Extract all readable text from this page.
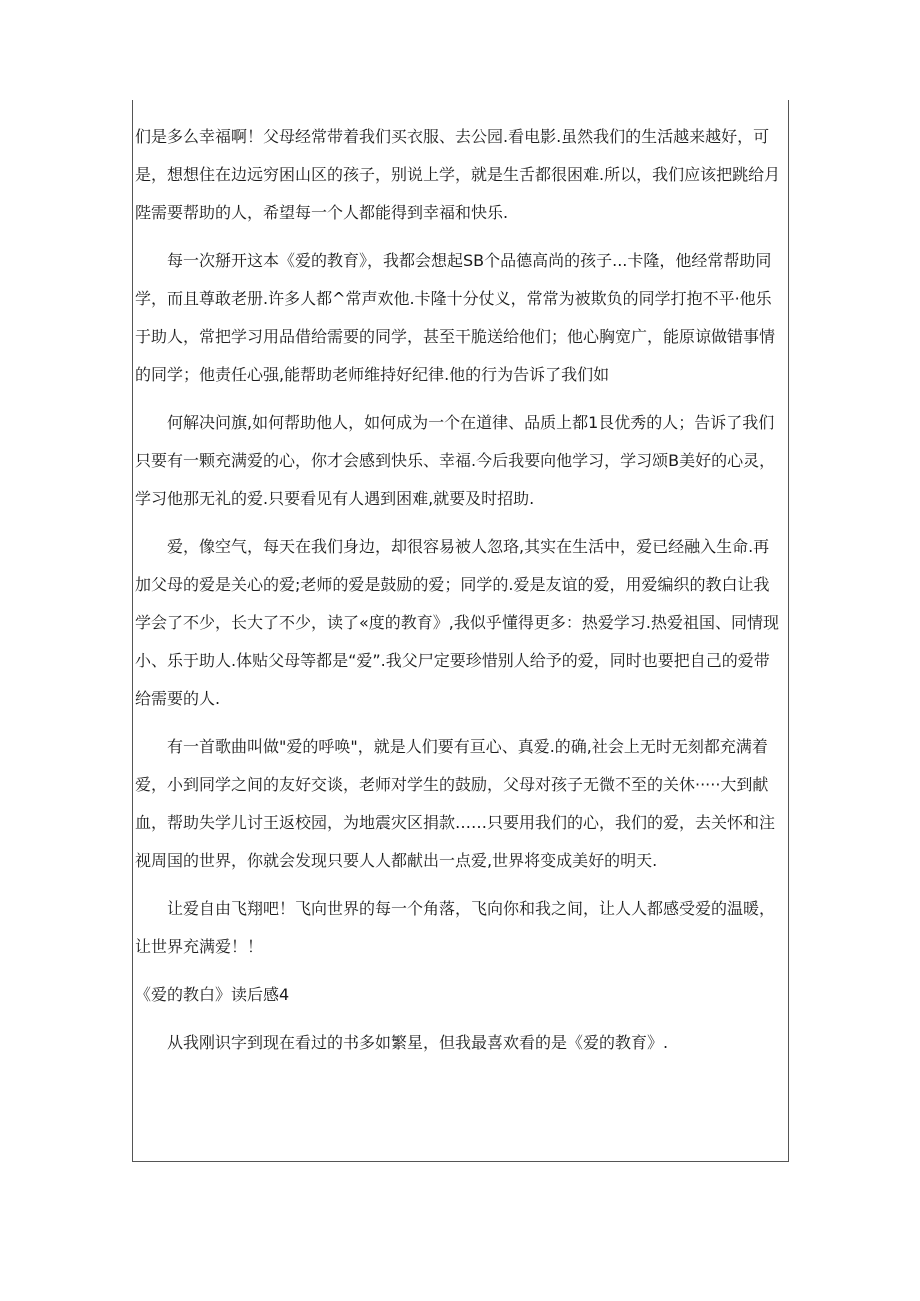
们是多么幸福啊！父母经常带着我们买衣服、去公园.看电影.虽然我们的生活越来越好，可是，想想住在边远穷困山区的孩子，别说上学，就是生舌都很困难.所以，我们应该把跳给月陛需要帮助的人，希望每一个人都能得到幸福和快乐.

每一次掰开这本《爱的教育》，我都会想起SB个品德高尚的孩子...卡隆，他经常帮助同学，而且尊敢老册.许多人都^常声欢他.卡隆十分仗义，常常为被欺负的同学打抱不平·他乐于助人，常把学习用品借给需要的同学，甚至干脆送给他们；他心胸宽广，能原谅做错事情的同学；他责任心强,能帮助老师维持好纪律.他的行为告诉了我们如

何解决问旗,如何帮助他人，如何成为一个在道律、品质上都1艮优秀的人；告诉了我们只要有一颗充满爱的心，你才会感到快乐、幸福.今后我要向他学习，学习颂B美好的心灵，学习他那无礼的爱.只要看见有人遇到困难,就要及时招助.

爱，像空气，每天在我们身边，却很容易被人忽珞,其实在生活中，爱已经融入生命.再加父母的爱是关心的爱;老师的爱是鼓励的爱；同学的.爱是友谊的爱，用爱编织的教白让我学会了不少，长大了不少，读了«度的教育》,我似乎懂得更多：热爱学习.热爱祖国、同情现小、乐于助人.体贴父母等都是“爱”.我父尸定要珍惜别人给予的爱，同时也要把自己的爱带给需要的人.

有一首歌曲叫做"爱的呼唤"，就是人们要有亘心、真爱.的确,社会上无时无刻都充满着爱，小到同学之间的友好交谈，老师对学生的鼓励，父母对孩子无微不至的关休·····大到献血，帮助失学儿讨王返校园，为地震灾区捐款……只要用我们的心，我们的爱，去关怀和注视周国的世界，你就会发现只要人人都献出一点爱,世界将变成美好的明天.

让爱自由飞翔吧！飞向世界的每一个角落，飞向你和我之间，让人人都感受爱的温暖，让世界充满爱！！

《爱的教白》读后感4

从我刚识字到现在看过的书多如繁星，但我最喜欢看的是《爱的教育》.
